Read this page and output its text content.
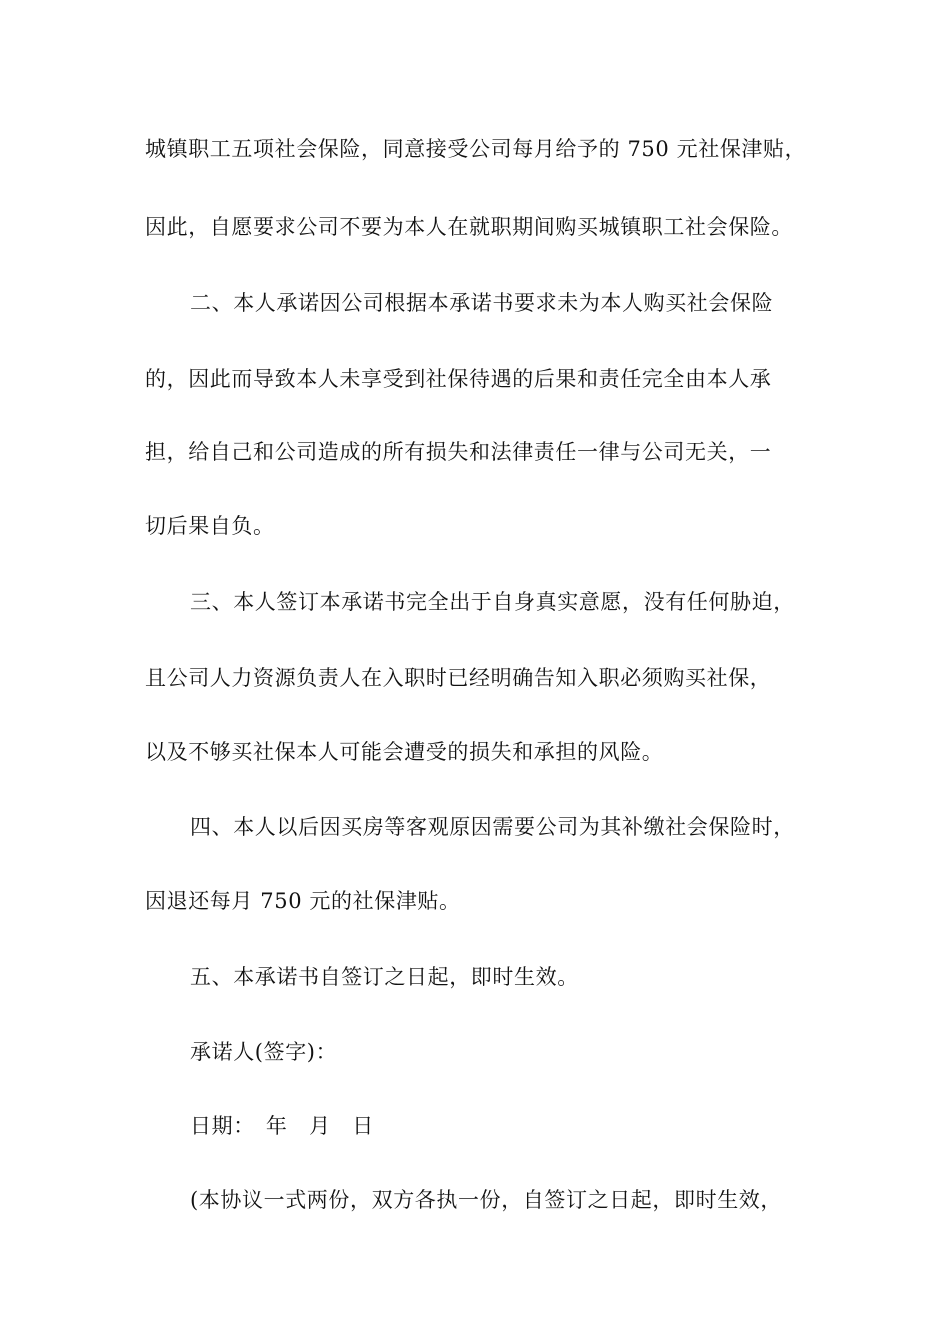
城镇职工五项社会保险，同意接受公司每月给予的 750 元社保津贴，
因此，自愿要求公司不要为本人在就职期间购买城镇职工社会保险。
二、本人承诺因公司根据本承诺书要求未为本人购买社会保险
的，因此而导致本人未享受到社保待遇的后果和责任完全由本人承
担，给自己和公司造成的所有损失和法律责任一律与公司无关，一
切后果自负。
三、本人签订本承诺书完全出于自身真实意愿，没有任何胁迫，
且公司人力资源负责人在入职时已经明确告知入职必须购买社保，
以及不够买社保本人可能会遭受的损失和承担的风险。
四、本人以后因买房等客观原因需要公司为其补缴社会保险时，
因退还每月 750 元的社保津贴。
五、本承诺书自签订之日起，即时生效。
承诺人(签字)：
日期：　年　月　日
(本协议一式两份，双方各执一份，自签订之日起，即时生效，
